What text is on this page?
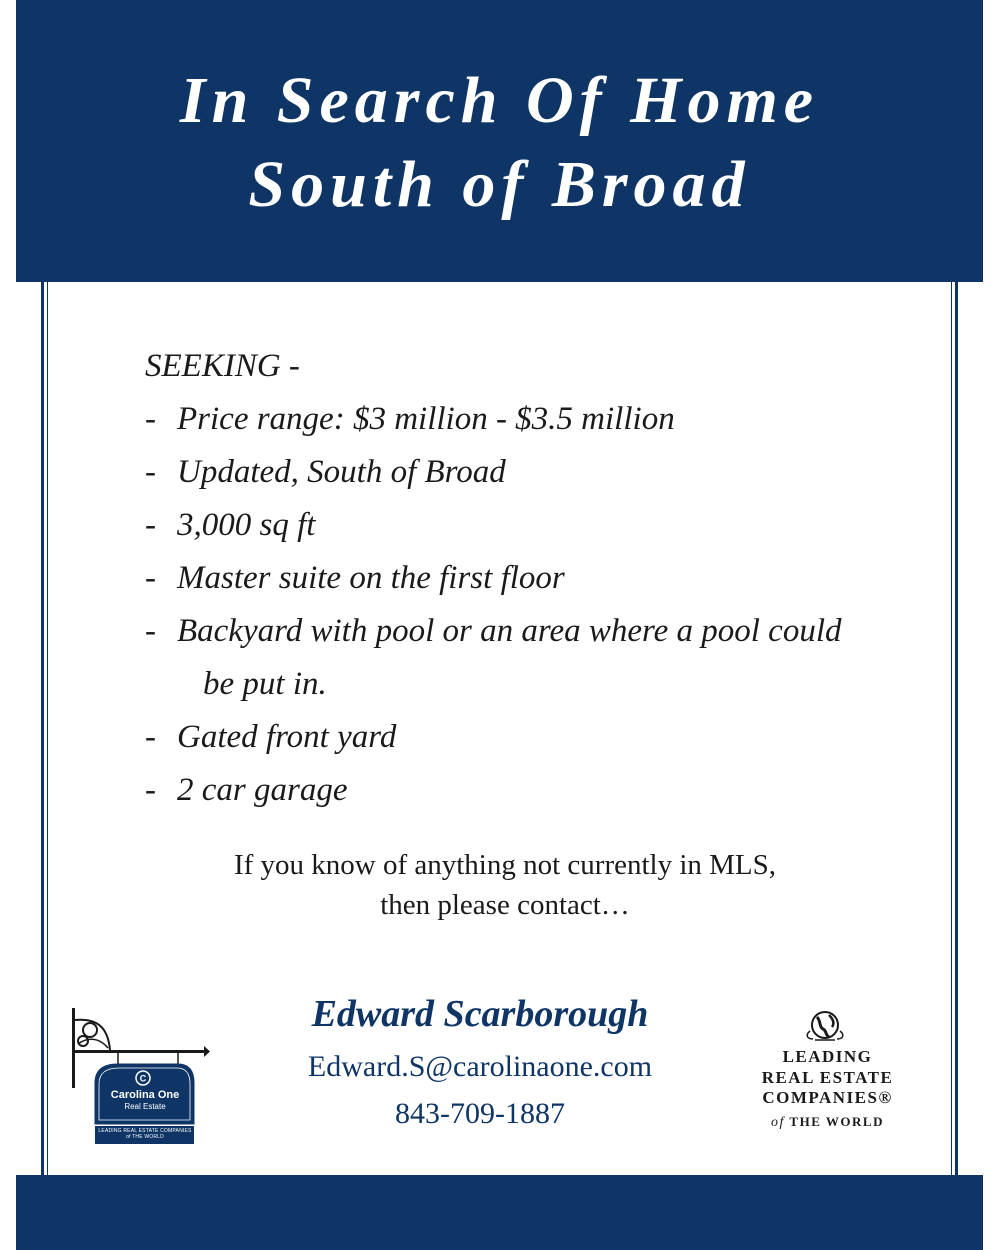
In Search Of Home
South of Broad
SEEKING -
- Price range: $3 million - $3.5 million
- Updated, South of Broad
- 3,000 sq ft
- Master suite on the first floor
- Backyard with pool or an area where a pool could
be put in.
- Gated front yard
- 2 car garage
If you know of anything not currently in MLS,
then please contact…
Edward Scarborough
Edward.S@carolinaone.com
843-709-1887
C
Carolina One
Real Estate
LEADING REAL ESTATE COMPANIES of THE WORLD
LEADING
REAL ESTATE
COMPANIES®
of THE WORLD
